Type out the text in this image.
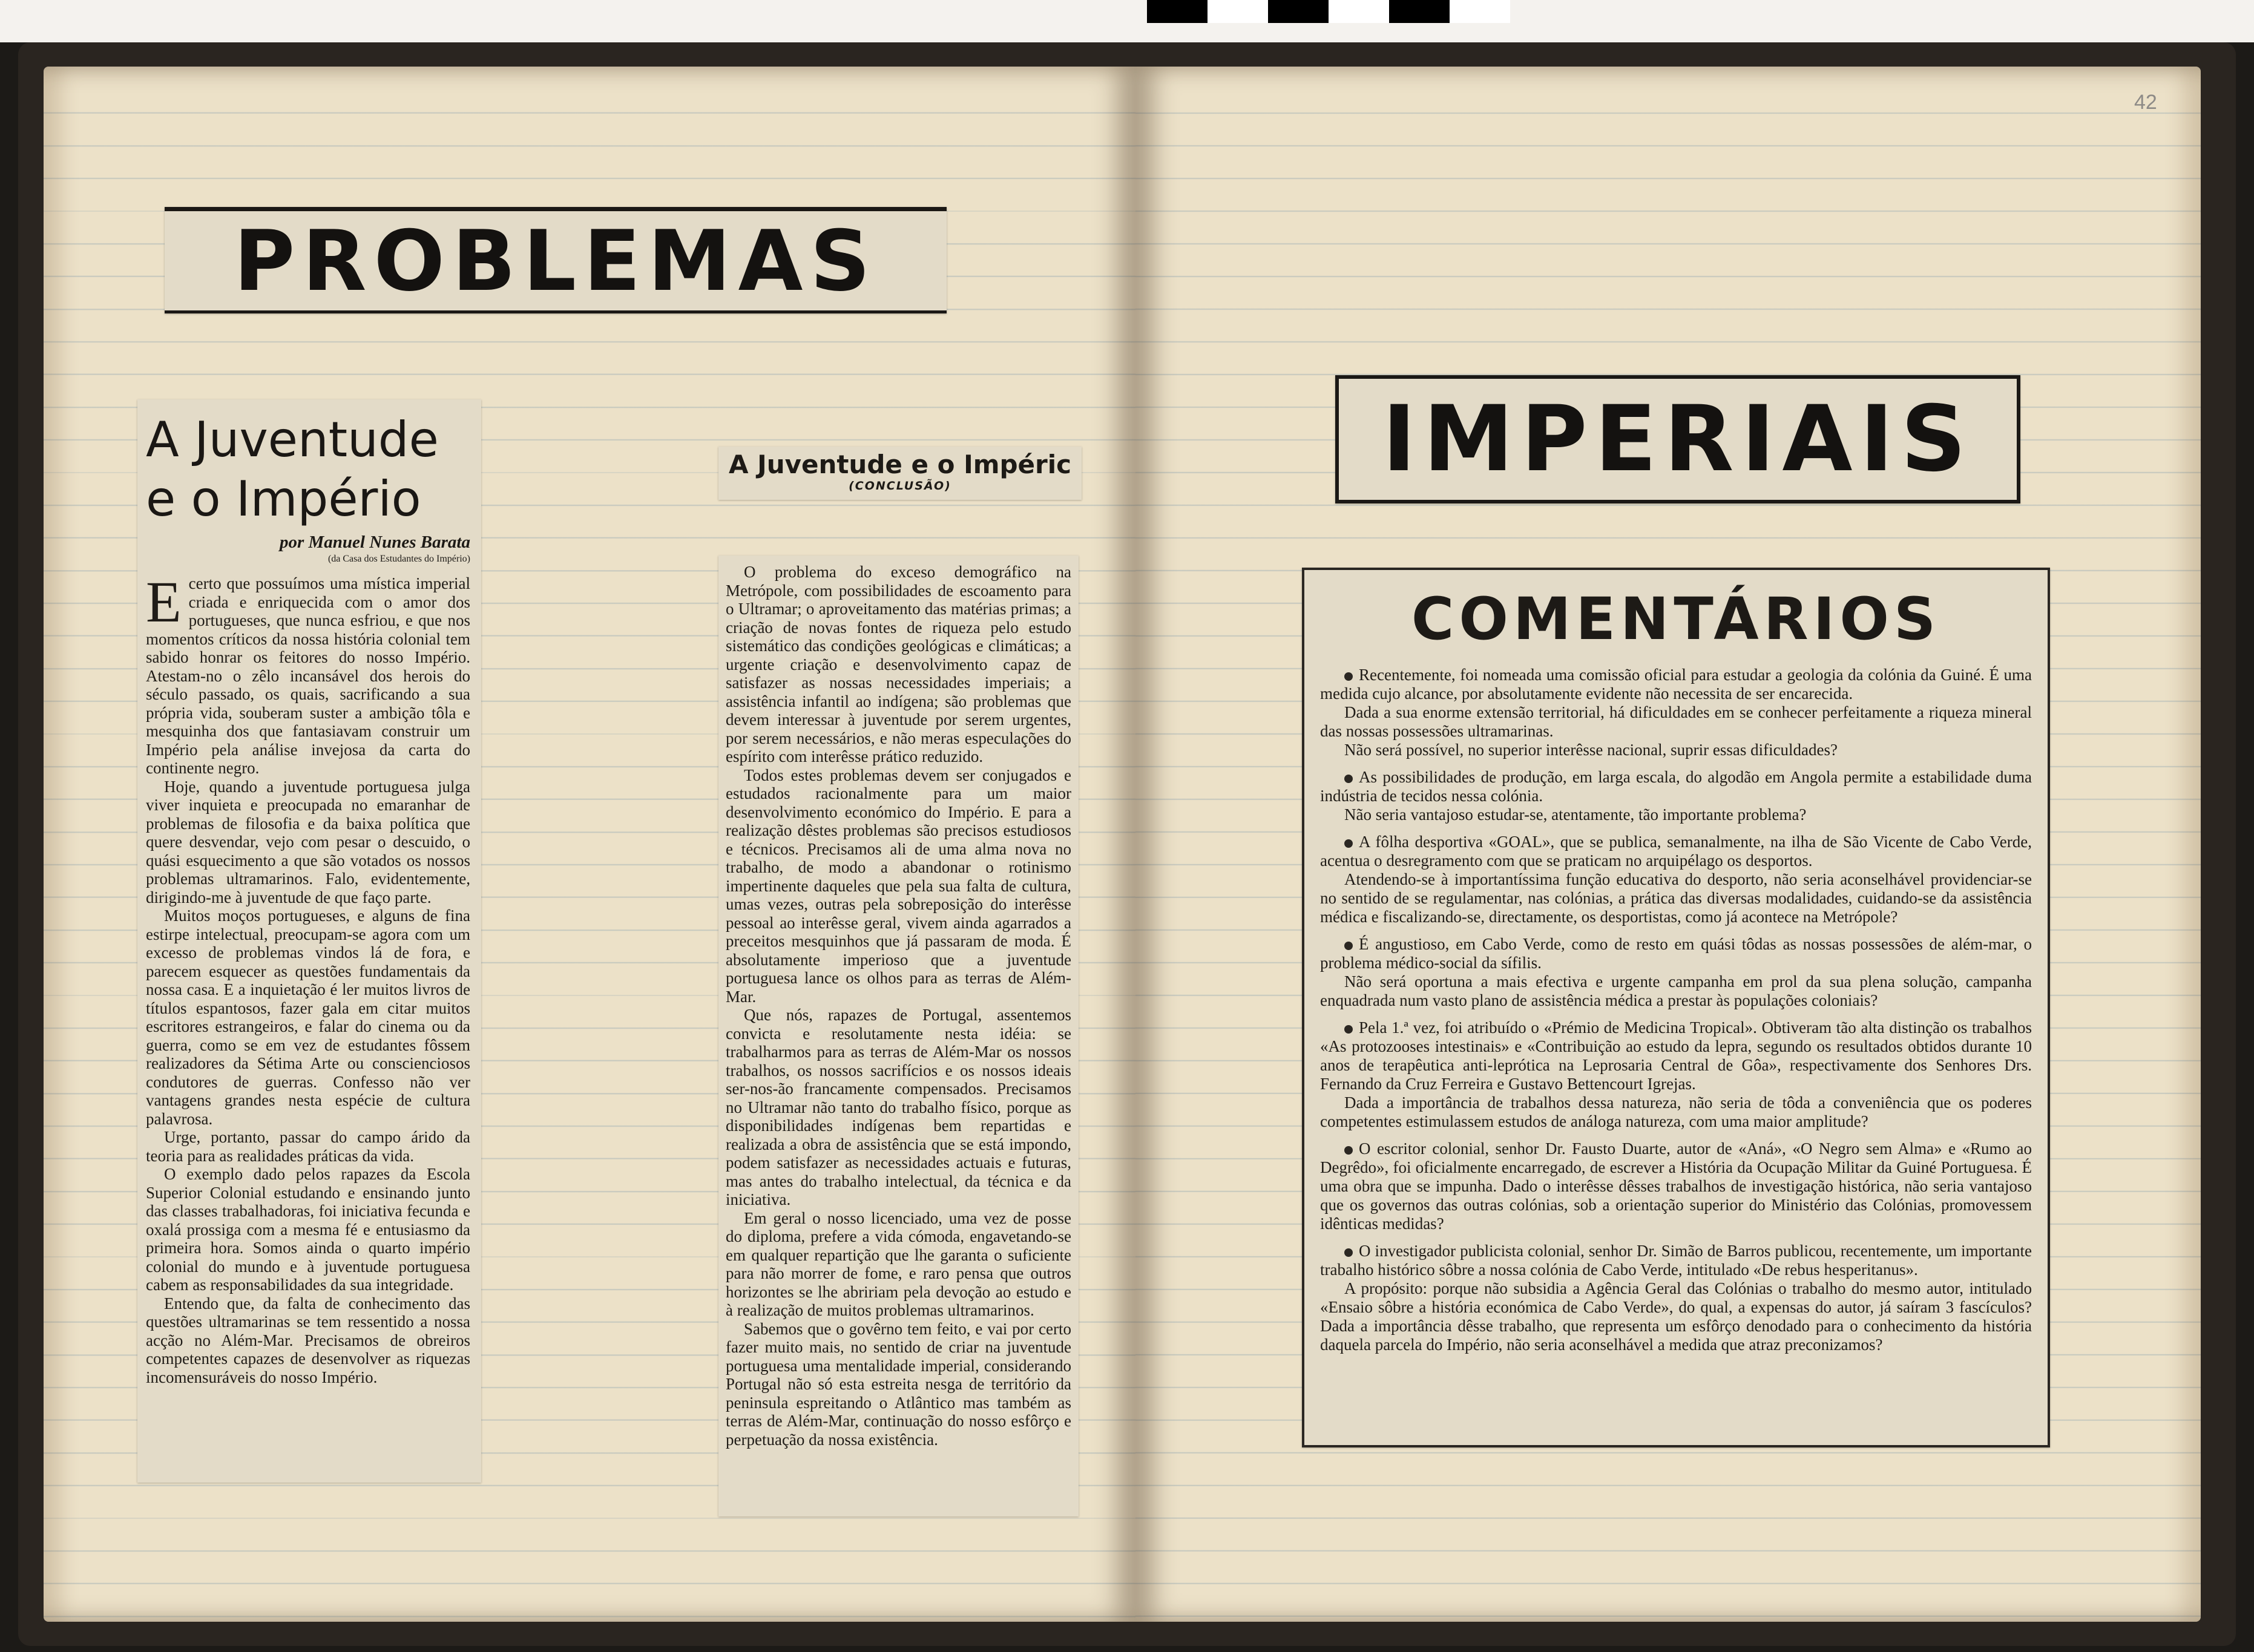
PROBLEMAS
A Juventude
e o Império
por Manuel Nunes Barata
(da Casa dos Estudantes do Império)
E certo que possuímos uma mística imperial criada e enriquecida com o amor dos portugueses, que nunca esfriou, e que nos momentos críticos da nossa história colonial tem sabido honrar os feitores do nosso Império. Atestam-no o zêlo incansável dos herois do século passado, os quais, sacrificando a sua própria vida, souberam suster a ambição tôla e mesquinha dos que fantasiavam construir um Império pela análise invejosa da carta do continente negro.

Hoje, quando a juventude portuguesa julga viver inquieta e preocupada no emaranhar de problemas de filosofia e da baixa política que quere desvendar, vejo com pesar o descuido, o quási esquecimento a que são votados os nossos problemas ultramarinos. Falo, evidentemente, dirigindo-me à juventude de que faço parte.

Muitos moços portugueses, e alguns de fina estirpe intelectual, preocupam-se agora com um excesso de problemas vindos lá de fora, e parecem esquecer as questões fundamentais da nossa casa. E a inquietação é ler muitos livros de títulos espantosos, fazer gala em citar muitos escritores estrangeiros, e falar do cinema ou da guerra, como se em vez de estudantes fôssem realizadores da Sétima Arte ou conscienciosos condutores de guerras. Confesso não ver vantagens grandes nesta espécie de cultura palavrosa.

Urge, portanto, passar do campo árido da teoria para as realidades práticas da vida.

O exemplo dado pelos rapazes da Escola Superior Colonial estudando e ensinando junto das classes trabalhadoras, foi iniciativa fecunda e oxalá prossiga com a mesma fé e entusiasmo da primeira hora. Somos ainda o quarto império colonial do mundo e à juventude portuguesa cabem as responsabilidades da sua integridade.

Entendo que, da falta de conhecimento das questões ultramarinas se tem ressentido a nossa acção no Além-Mar. Precisamos de obreiros competentes capazes de desenvolver as riquezas incomensuráveis do nosso Império.

A Juventude e o Impéric
(CONCLUSÃO)

O problema do exceso demográfico na Metrópole, com possibilidades de escoamento para o Ultramar; o aproveitamento das matérias primas; a criação de novas fontes de riqueza pelo estudo sistemático das condições geológicas e climáticas; a urgente criação e desenvolvimento capaz de satisfazer as nossas necessidades imperiais; a assistência infantil ao indígena; são problemas que devem interessar à juventude por serem urgentes, por serem necessários, e não meras especulações do espírito com interêsse prático reduzido.

Todos estes problemas devem ser conjugados e estudados racionalmente para um maior desenvolvimento económico do Império. E para a realização dêstes problemas são precisos estudiosos e técnicos. Precisamos ali de uma alma nova no trabalho, de modo a abandonar o rotinismo impertinente daqueles que pela sua falta de cultura, umas vezes, outras pela sobreposição do interêsse pessoal ao interêsse geral, vivem ainda agarrados a preceitos mesquinhos que já passaram de moda. É absolutamente imperioso que a juventude portuguesa lance os olhos para as terras de Além-Mar.

Que nós, rapazes de Portugal, assentemos convicta e resolutamente nesta idéia: se trabalharmos para as terras de Além-Mar os nossos trabalhos, os nossos sacrifícios e os nossos ideais ser-nos-ão francamente compensados. Precisamos no Ultramar não tanto do trabalho físico, porque as disponibilidades indígenas bem repartidas e realizada a obra de assistência que se está impondo, podem satisfazer as necessidades actuais e futuras, mas antes do trabalho intelectual, da técnica e da iniciativa.

Em geral o nosso licenciado, uma vez de posse do diploma, prefere a vida cómoda, engavetando-se em qualquer repartição que lhe garanta o suficiente para não morrer de fome, e raro pensa que outros horizontes se lhe abririam pela devoção ao estudo e à realização de muitos problemas ultramarinos.

Sabemos que o govêrno tem feito, e vai por certo fazer muito mais, no sentido de criar na juventude portuguesa uma mentalidade imperial, considerando Portugal não só esta estreita nesga de território da peninsula espreitando o Atlântico mas também as terras de Além-Mar, continuação do nosso esfôrço e perpetuação da nossa existência.

42
IMPERIAIS
COMENTÁRIOS

Recentemente, foi nomeada uma comissão oficial para estudar a geologia da colónia da Guiné. É uma medida cujo alcance, por absolutamente evidente não necessita de ser encarecida.

Dada a sua enorme extensão territorial, há dificuldades em se conhecer perfeitamente a riqueza mineral das nossas possessões ultramarinas.

Não será possível, no superior interêsse nacional, suprir essas dificuldades?

As possibilidades de produção, em larga escala, do algodão em Angola permite a estabilidade duma indústria de tecidos nessa colónia.

Não seria vantajoso estudar-se, atentamente, tão importante problema?

A fôlha desportiva «GOAL», que se publica, semanalmente, na ilha de São Vicente de Cabo Verde, acentua o desregramento com que se praticam no arquipélago os desportos.

Atendendo-se à importantíssima função educativa do desporto, não seria aconselhável providenciar-se no sentido de se regulamentar, nas colónias, a prática das diversas modalidades, cuidando-se da assistência médica e fiscalizando-se, directamente, os desportistas, como já acontece na Metrópole?

É angustioso, em Cabo Verde, como de resto em quási tôdas as nossas possessões de além-mar, o problema médico-social da sífilis.

Não será oportuna a mais efectiva e urgente campanha em prol da sua plena solução, campanha enquadrada num vasto plano de assistência médica a prestar às populações coloniais?

Pela 1.ª vez, foi atribuído o «Prémio de Medicina Tropical». Obtiveram tão alta distinção os trabalhos «As protozooses intestinais» e «Contribuição ao estudo da lepra, segundo os resultados obtidos durante 10 anos de terapêutica anti-leprótica na Leprosaria Central de Gôa», respectivamente dos Senhores Drs. Fernando da Cruz Ferreira e Gustavo Bettencourt Igrejas.

Dada a importância de trabalhos dessa natureza, não seria de tôda a conveniência que os poderes competentes estimulassem estudos de análoga natureza, com uma maior amplitude?

O escritor colonial, senhor Dr. Fausto Duarte, autor de «Aná», «O Negro sem Alma» e «Rumo ao Degrêdo», foi oficialmente encarregado, de escrever a História da Ocupação Militar da Guiné Portuguesa. É uma obra que se impunha. Dado o interêsse dêsses trabalhos de investigação histórica, não seria vantajoso que os governos das outras colónias, sob a orientação superior do Ministério das Colónias, promovessem idênticas medidas?

O investigador publicista colonial, senhor Dr. Simão de Barros publicou, recentemente, um importante trabalho histórico sôbre a nossa colónia de Cabo Verde, intitulado «De rebus hesperitanus».

A propósito: porque não subsidia a Agência Geral das Colónias o trabalho do mesmo autor, intitulado «Ensaio sôbre a história económica de Cabo Verde», do qual, a expensas do autor, já saíram 3 fascículos? Dada a importância dêsse trabalho, que representa um esfôrço denodado para o conhecimento da história daquela parcela do Império, não seria aconselhável a medida que atraz preconizamos?
